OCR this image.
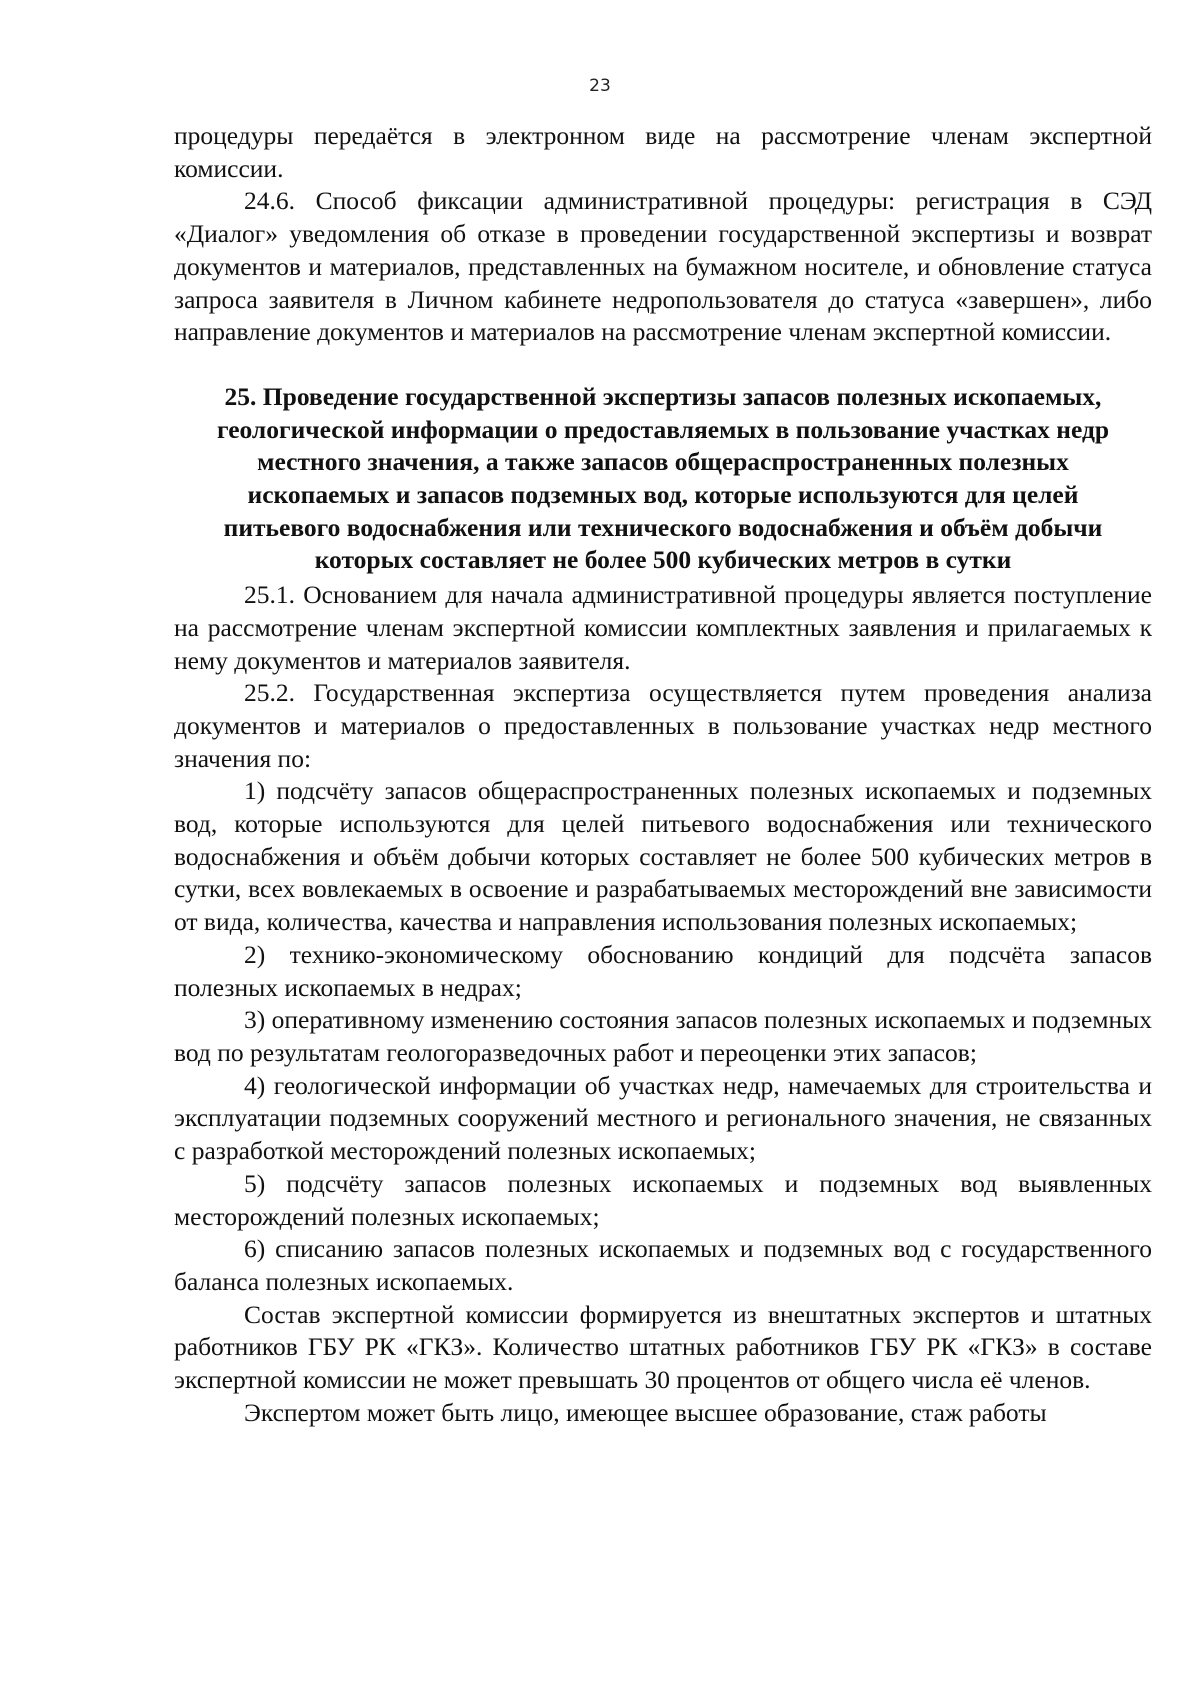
23

процедуры передаётся в электронном виде на рассмотрение членам экспертной комиссии.

24.6. Способ фиксации административной процедуры: регистрация в СЭД «Диалог» уведомления об отказе в проведении государственной экспертизы и возврат документов и материалов, представленных на бумажном носителе, и обновление статуса запроса заявителя в Личном кабинете недропользователя до статуса «завершен», либо направление документов и материалов на рассмотрение членам экспертной комиссии.

25. Проведение государственной экспертизы запасов полезных ископаемых, геологической информации о предоставляемых в пользование участках недр местного значения, а также запасов общераспространенных полезных ископаемых и запасов подземных вод, которые используются для целей питьевого водоснабжения или технического водоснабжения и объём добычи которых составляет не более 500 кубических метров в сутки

25.1. Основанием для начала административной процедуры является поступление на рассмотрение членам экспертной комиссии комплектных заявления и прилагаемых к нему документов и материалов заявителя.

25.2. Государственная экспертиза осуществляется путем проведения анализа документов и материалов о предоставленных в пользование участках недр местного значения по:

1) подсчёту запасов общераспространенных полезных ископаемых и подземных вод, которые используются для целей питьевого водоснабжения или технического водоснабжения и объём добычи которых составляет не более 500 кубических метров в сутки, всех вовлекаемых в освоение и разрабатываемых месторождений вне зависимости от вида, количества, качества и направления использования полезных ископаемых;

2) технико-экономическому обоснованию кондиций для подсчёта запасов полезных ископаемых в недрах;

3) оперативному изменению состояния запасов полезных ископаемых и подземных вод по результатам геологоразведочных работ и переоценки этих запасов;

4) геологической информации об участках недр, намечаемых для строительства и эксплуатации подземных сооружений местного и регионального значения, не связанных с разработкой месторождений полезных ископаемых;

5) подсчёту запасов полезных ископаемых и подземных вод выявленных месторождений полезных ископаемых;

6) списанию запасов полезных ископаемых и подземных вод с государственного баланса полезных ископаемых.

Состав экспертной комиссии формируется из внештатных экспертов и штатных работников ГБУ РК «ГКЗ». Количество штатных работников ГБУ РК «ГКЗ» в составе экспертной комиссии не может превышать 30 процентов от общего числа её членов.

Экспертом может быть лицо, имеющее высшее образование, стаж работы
